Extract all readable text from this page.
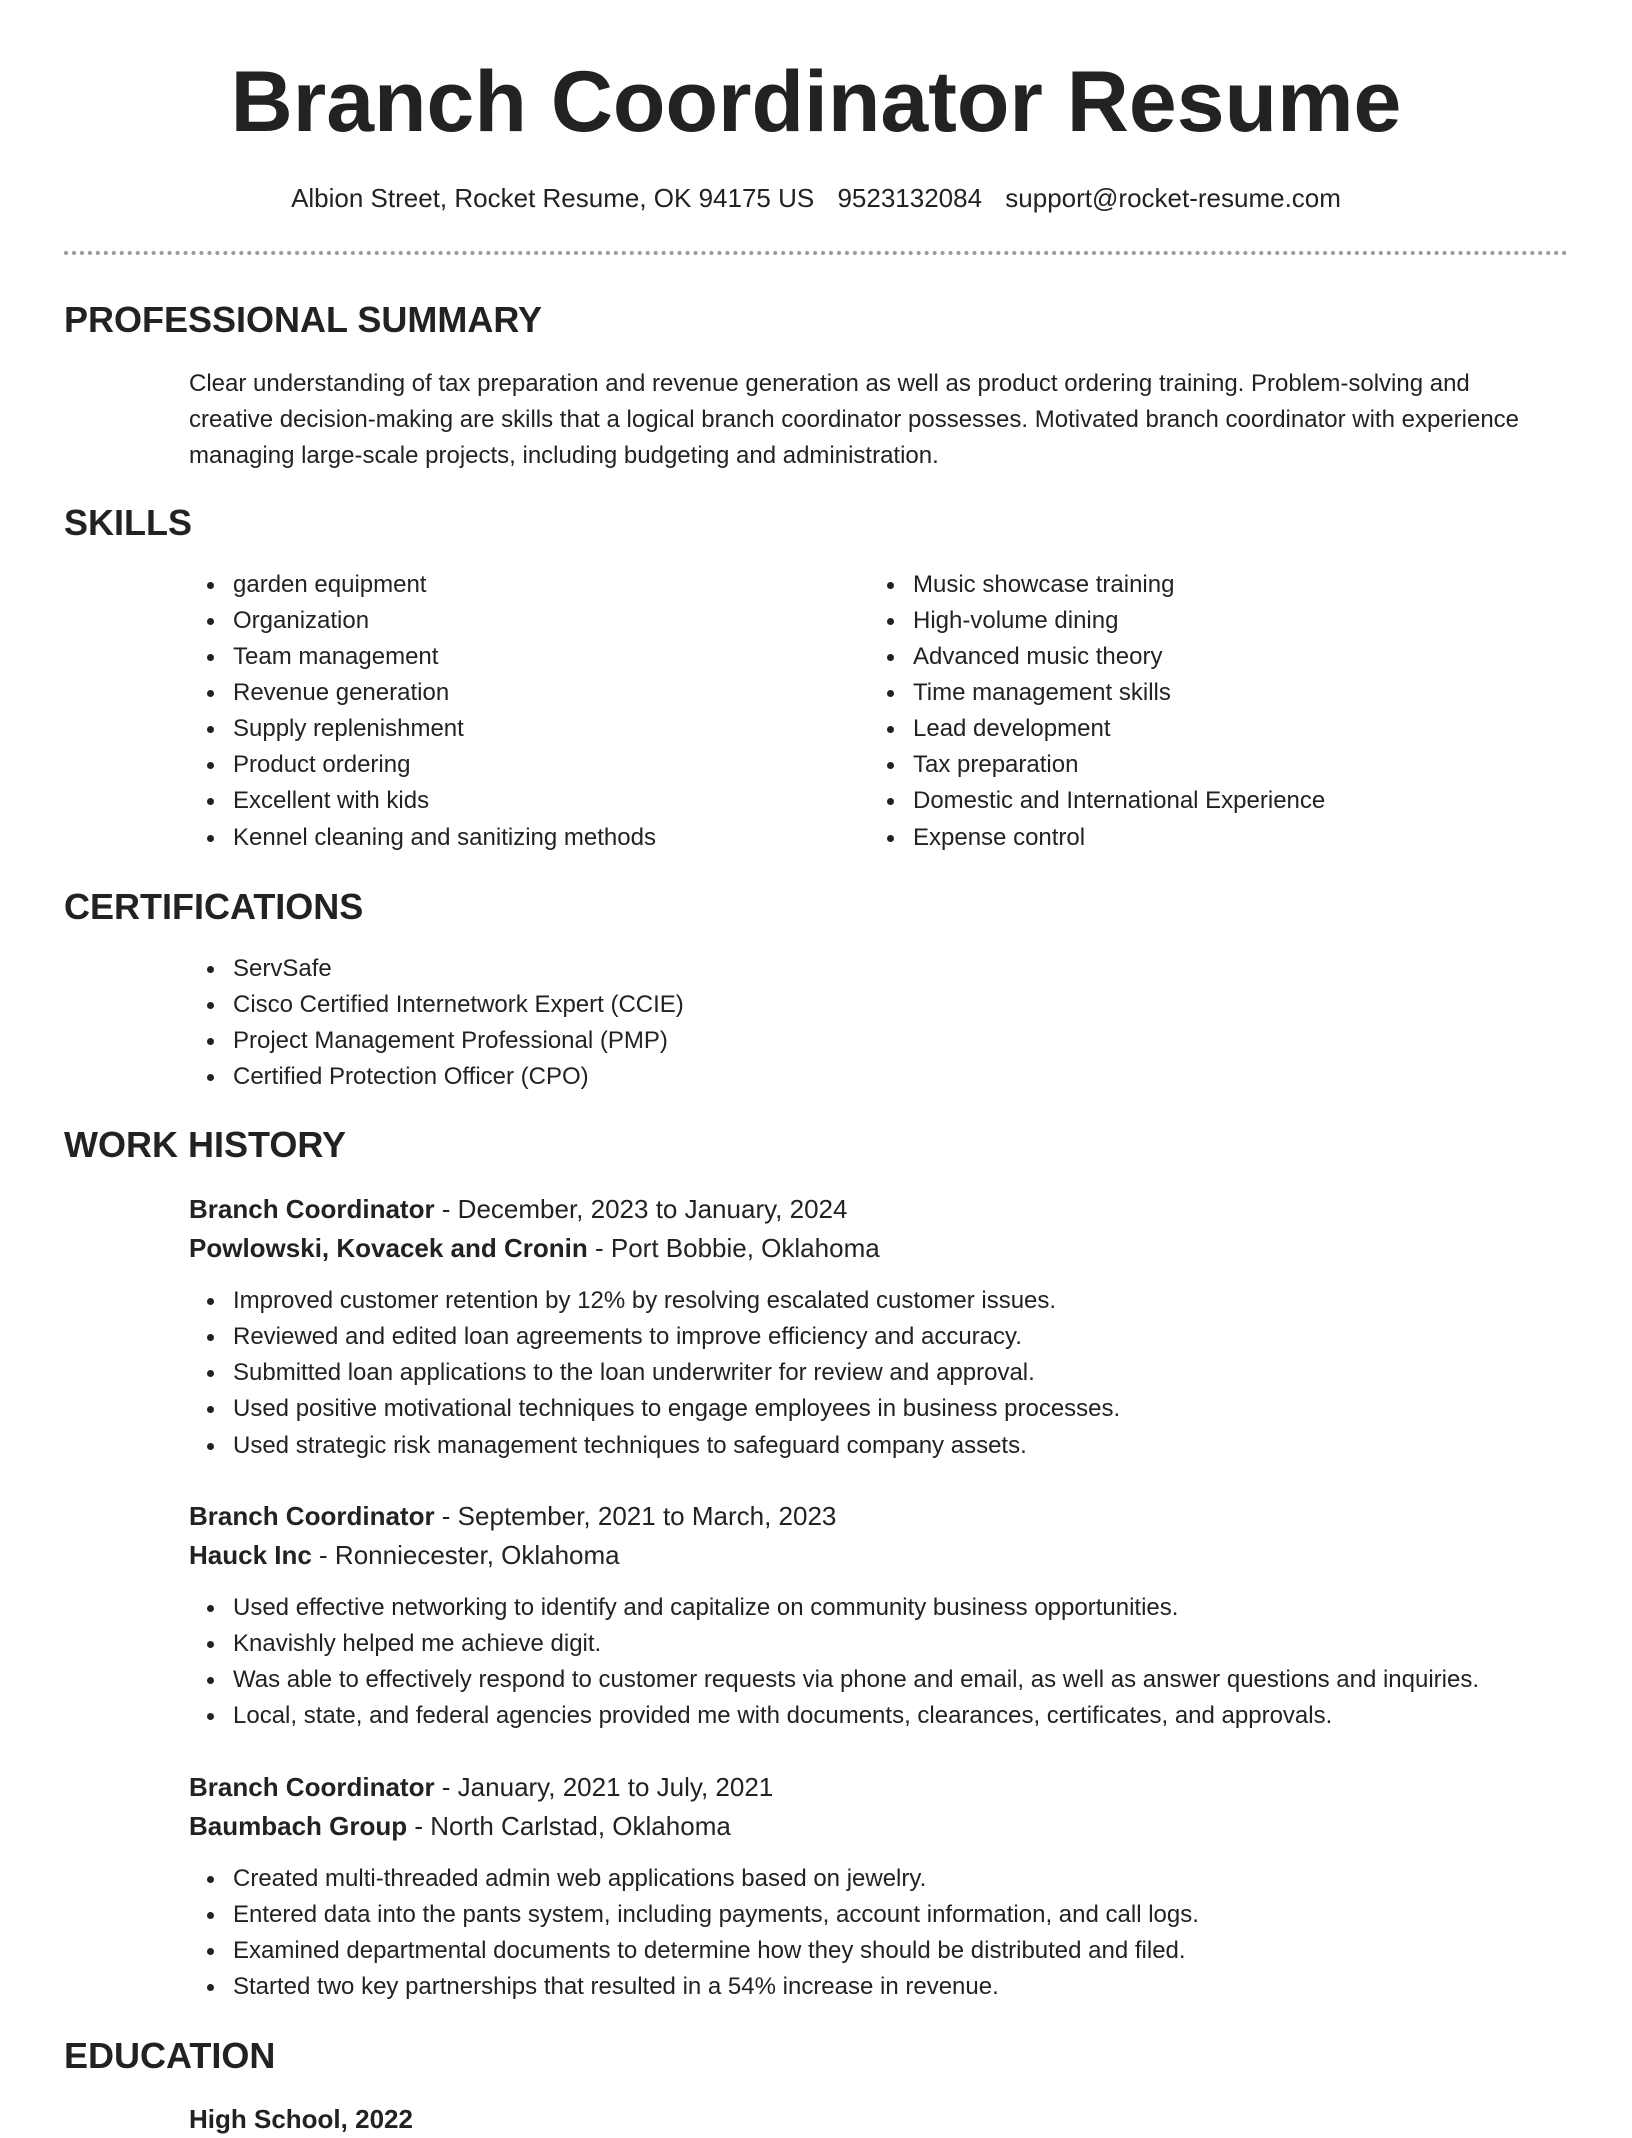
Branch Coordinator Resume
Albion Street, Rocket Resume, OK 94175 US 9523132084 support@rocket-resume.com
PROFESSIONAL SUMMARY
Clear understanding of tax preparation and revenue generation as well as product ordering training. Problem-solving and creative decision-making are skills that a logical branch coordinator possesses. Motivated branch coordinator with experience managing large-scale projects, including budgeting and administration.
SKILLS
garden equipment
Organization
Team management
Revenue generation
Supply replenishment
Product ordering
Excellent with kids
Kennel cleaning and sanitizing methods
Music showcase training
High-volume dining
Advanced music theory
Time management skills
Lead development
Tax preparation
Domestic and International Experience
Expense control
CERTIFICATIONS
ServSafe
Cisco Certified Internetwork Expert (CCIE)
Project Management Professional (PMP)
Certified Protection Officer (CPO)
WORK HISTORY
Branch Coordinator - December, 2023 to January, 2024
Powlowski, Kovacek and Cronin - Port Bobbie, Oklahoma
Improved customer retention by 12% by resolving escalated customer issues.
Reviewed and edited loan agreements to improve efficiency and accuracy.
Submitted loan applications to the loan underwriter for review and approval.
Used positive motivational techniques to engage employees in business processes.
Used strategic risk management techniques to safeguard company assets.
Branch Coordinator - September, 2021 to March, 2023
Hauck Inc - Ronniecester, Oklahoma
Used effective networking to identify and capitalize on community business opportunities.
Knavishly helped me achieve digit.
Was able to effectively respond to customer requests via phone and email, as well as answer questions and inquiries.
Local, state, and federal agencies provided me with documents, clearances, certificates, and approvals.
Branch Coordinator - January, 2021 to July, 2021
Baumbach Group - North Carlstad, Oklahoma
Created multi-threaded admin web applications based on jewelry.
Entered data into the pants system, including payments, account information, and call logs.
Examined departmental documents to determine how they should be distributed and filed.
Started two key partnerships that resulted in a 54% increase in revenue.
EDUCATION
High School, 2022
